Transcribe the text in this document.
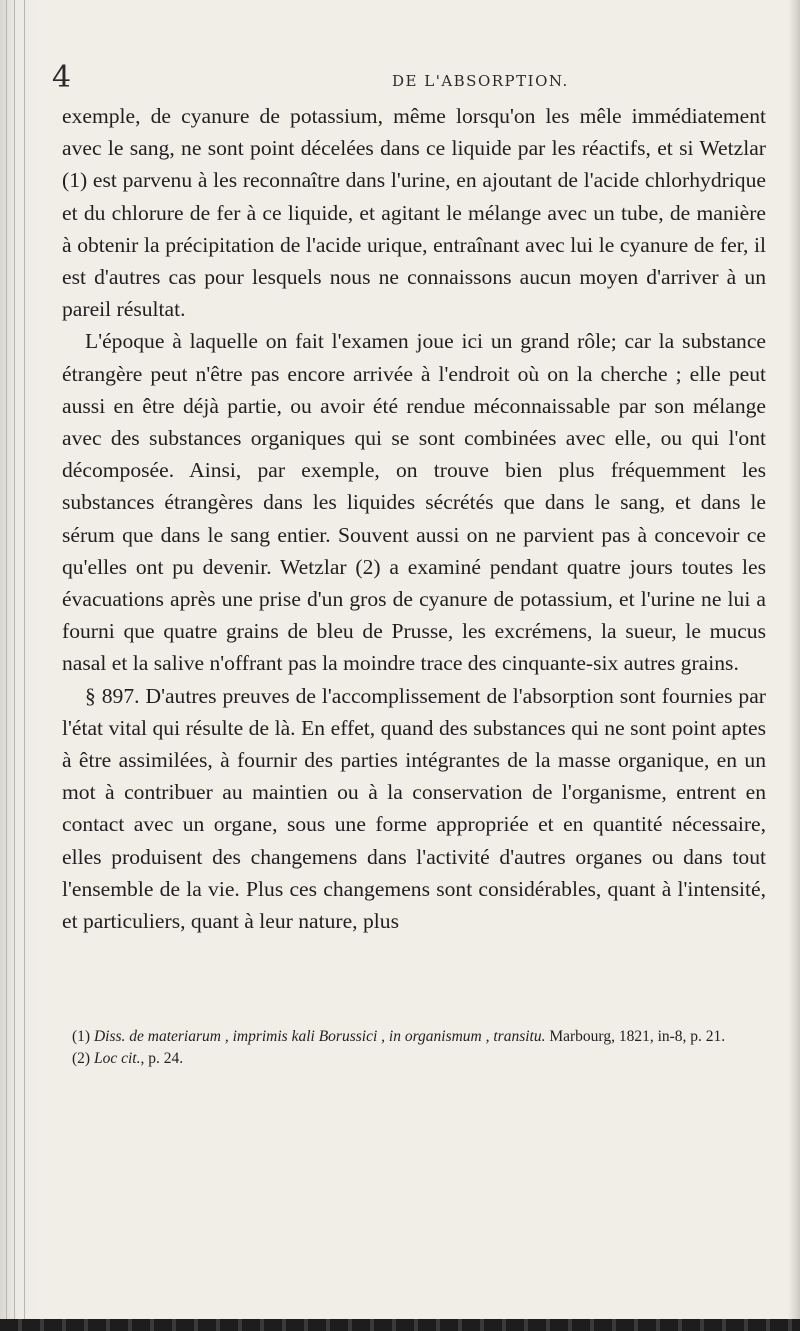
4	DE L'ABSORPTION.

exemple, de cyanure de potassium, même lorsqu'on les mêle immédiatement avec le sang, ne sont point décelées dans ce liquide par les réactifs, et si Wetzlar (1) est parvenu à les reconnaître dans l'urine, en ajoutant de l'acide chlorhydrique et du chlorure de fer à ce liquide, et agitant le mélange avec un tube, de manière à obtenir la précipitation de l'acide urique, entraînant avec lui le cyanure de fer, il est d'autres cas pour lesquels nous ne connaissons aucun moyen d'arriver à un pareil résultat.

L'époque à laquelle on fait l'examen joue ici un grand rôle; car la substance étrangère peut n'être pas encore arrivée à l'endroit où on la cherche ; elle peut aussi en être déjà partie, ou avoir été rendue méconnaissable par son mélange avec des substances organiques qui se sont combinées avec elle, ou qui l'ont décomposée. Ainsi, par exemple, on trouve bien plus fréquemment les substances étrangères dans les liquides sécrétés que dans le sang, et dans le sérum que dans le sang entier. Souvent aussi on ne parvient pas à concevoir ce qu'elles ont pu devenir. Wetzlar (2) a examiné pendant quatre jours toutes les évacuations après une prise d'un gros de cyanure de potassium, et l'urine ne lui a fourni que quatre grains de bleu de Prusse, les excrémens, la sueur, le mucus nasal et la salive n'offrant pas la moindre trace des cinquante-six autres grains.

§ 897. D'autres preuves de l'accomplissement de l'absorption sont fournies par l'état vital qui résulte de là. En effet, quand des substances qui ne sont point aptes à être assimilées, à fournir des parties intégrantes de la masse organique, en un mot à contribuer au maintien ou à la conservation de l'organisme, entrent en contact avec un organe, sous une forme appropriée et en quantité nécessaire, elles produisent des changemens dans l'activité d'autres organes ou dans tout l'ensemble de la vie. Plus ces changemens sont considérables, quant à l'intensité, et particuliers, quant à leur nature, plus

(1) Diss. de materiarum , imprimis kali Borussici , in organismum , transitu. Marbourg, 1821, in-8, p. 21.

(2) Loc cit., p. 24.
